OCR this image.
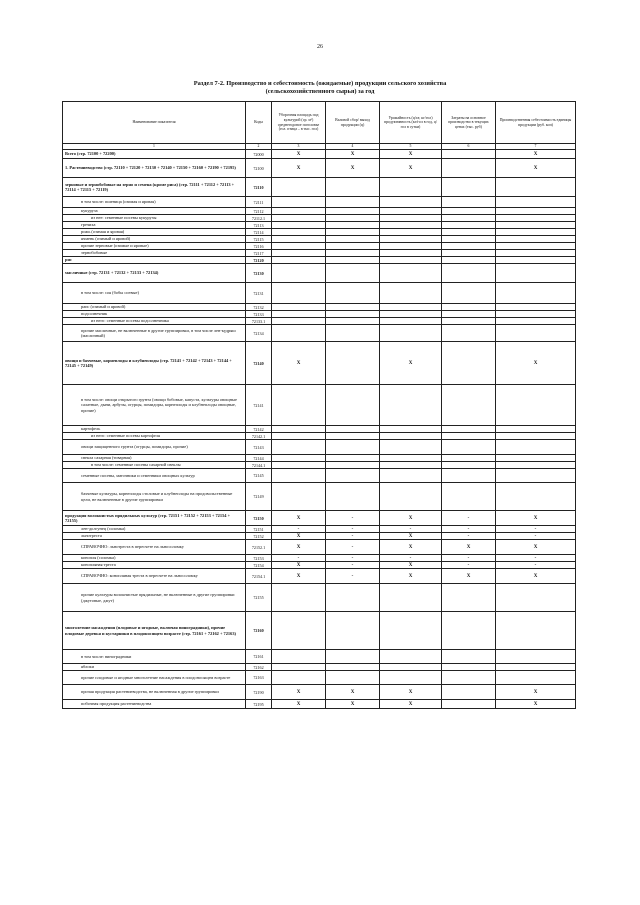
26
Раздел 7-2. Производство и себестоимость (ожидаемые) продукции сельского хозяйства
(сельскохозяйственного сырья) за год
Наименование показателя	Коды	Уборочная площадь под культурой (ср. м²) среднегодовое поголовье (гол. птица – в тыс. гол)	Валовой сбор/ выход продукции (ц)	Урожайность (ц/га; кг/гол) продуктивность (кг/гол в год, ц/гол в сутки)	Затраты на основное производство в текущих ценах (тыс. руб)	Производственная себестоимость единицы продукции (руб. коп)
1	2	3	4	5	6	7
Всего (стр. 72100 + 72200)	72000	X	X	X		X
1. Растениеводство (стр. 72110 + 72120 + 72130 + 72140 + 72150 + 72160 + 72190 + 72195)	72100	X	X	X		X
зерновые и зернобобовые на зерно и семена (кроме риса) (стр. 72111 + 72112 + 72113 + 72114 + 72115 + 72119)	72110					
в том числе: пшеница (озимая и яровая)	72111					
кукуруза	72112					
из нее: семенные посевы кукурузы	72112.1					
гречиха	72113					
рожь (озимая и яровая)	72114					
ячмень (озимый и яровой)	72115					
прочие зерновые (озимые и яровые)	72116					
зернобобовые	72117					
рис	72120					
масличные (стр. 72131 + 72132 + 72133 + 72134)	72130					
в том числе: соя (бобы соевые)	72131					
рапс (озимый и яровой)	72132					
подсолнечник	72133					
из него: семенные посевы подсолнечника	72133.1					
прочие масличные, не включенные в другие группировки, в том числе лен-кудряш (масличный)	72134					
овощи и бахчевые, корнеплоды и клубнеплоды (стр. 72141 + 72142 + 72143 + 72144 + 72145 + 72149)	72140	X		X		X
в том числе: овощи открытого грунта (овощи бобовые, капуста, культуры овощные салатные, дыни, арбузы, огурцы, помидоры, корнеплоды и клубнеплоды овощные, прочие)	72141					
картофель	72142					
из него: семенные посевы картофеля	72142.1					
овощи защищенного грунта (огурцы, помидоры, прочие)	72143					
свекла сахарная (товарная)	72144					
в том числе: семенные посевы сахарной свеклы	72144.1					
семенные посевы, маточники и семенники овощных культур	72145					
бахчевые культуры, корнеплоды столовые и клубнеплоды на продовольственные цели, не включенные в другие группировки	72149					
продукция волокнистых прядильных культур (стр. 72151 + 72152 + 72153 + 72154 + 72155)	72150	X	-	X	-	X
лен-долгунец (соломка)	72151	-	-	-	-	-
льнотреста	72152	X	-	X	-	-
СПРАВОЧНО: льнотреста в пересчете на льносоломку	72152.1	X	-	X	X	X
конопля (соломка)	72153	-	-	-	-	-
конопляная треста	72154	X	-	X	-	-
СПРАВОЧНО: конопляная треста в пересчете на льносоломку	72154.1	X	-	X	X	X
прочие культуры волокнистые прядильные, не включенные в другие группировки (джутовые, джут)	72155					
многолетние насаждения (плодовые и ягодные, включая виноградники), прочие плодовые деревья и кустарники в плодоносящем возрасте (стр. 72161 + 72162 + 72163)	72160					
в том числе: виноградники	72161					
яблоки	72162					
прочие плодовые и ягодные многолетние насаждения в плодоносящем возрасте	72163					
прочая продукция растениеводства, не включенная в другие группировки	72190	X	X	X		X
побочная продукция растениеводства	72195	X	X	X		X
